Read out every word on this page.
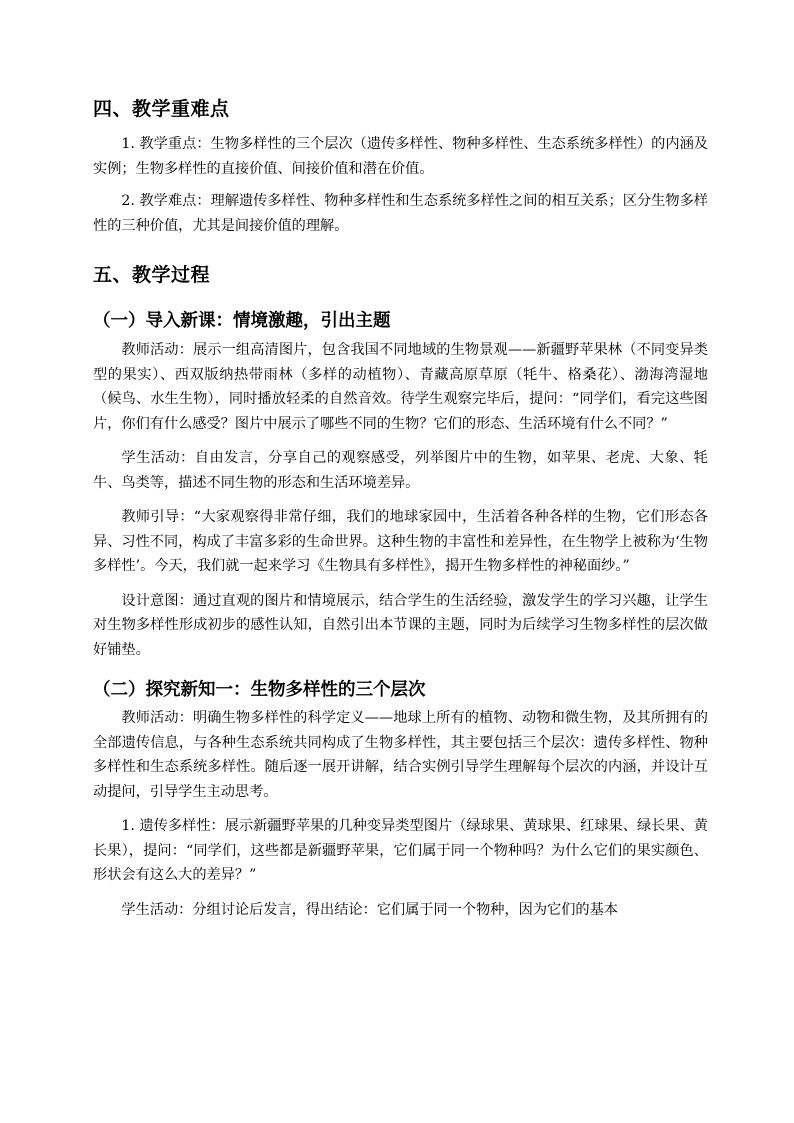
四、教学重难点

1. 教学重点：生物多样性的三个层次（遗传多样性、物种多样性、生态系统多样性）的内涵及实例；生物多样性的直接价值、间接价值和潜在价值。

2. 教学难点：理解遗传多样性、物种多样性和生态系统多样性之间的相互关系；区分生物多样性的三种价值，尤其是间接价值的理解。

五、教学过程
（一）导入新课：情境激趣，引出主题

教师活动：展示一组高清图片，包含我国不同地域的生物景观——新疆野苹果林（不同变异类型的果实）、西双版纳热带雨林（多样的动植物）、青藏高原草原（牦牛、格桑花）、渤海湾湿地（候鸟、水生生物），同时播放轻柔的自然音效。待学生观察完毕后，提问：“同学们，看完这些图片，你们有什么感受？图片中展示了哪些不同的生物？它们的形态、生活环境有什么不同？”

学生活动：自由发言，分享自己的观察感受，列举图片中的生物，如苹果、老虎、大象、牦牛、鸟类等，描述不同生物的形态和生活环境差异。

教师引导：“大家观察得非常仔细，我们的地球家园中，生活着各种各样的生物，它们形态各异、习性不同，构成了丰富多彩的生命世界。这种生物的丰富性和差异性，在生物学上被称为‘生物多样性’。今天，我们就一起来学习《生物具有多样性》，揭开生物多样性的神秘面纱。”

设计意图：通过直观的图片和情境展示，结合学生的生活经验，激发学生的学习兴趣，让学生对生物多样性形成初步的感性认知，自然引出本节课的主题，同时为后续学习生物多样性的层次做好铺垫。

（二）探究新知一：生物多样性的三个层次

教师活动：明确生物多样性的科学定义——地球上所有的植物、动物和微生物，及其所拥有的全部遗传信息，与各种生态系统共同构成了生物多样性，其主要包括三个层次：遗传多样性、物种多样性和生态系统多样性。随后逐一展开讲解，结合实例引导学生理解每个层次的内涵，并设计互动提问，引导学生主动思考。

1. 遗传多样性：展示新疆野苹果的几种变异类型图片（绿球果、黄球果、红球果、绿长果、黄长果），提问：“同学们，这些都是新疆野苹果，它们属于同一个物种吗？为什么它们的果实颜色、形状会有这么大的差异？”

学生活动：分组讨论后发言，得出结论：它们属于同一个物种，因为它们的基本
